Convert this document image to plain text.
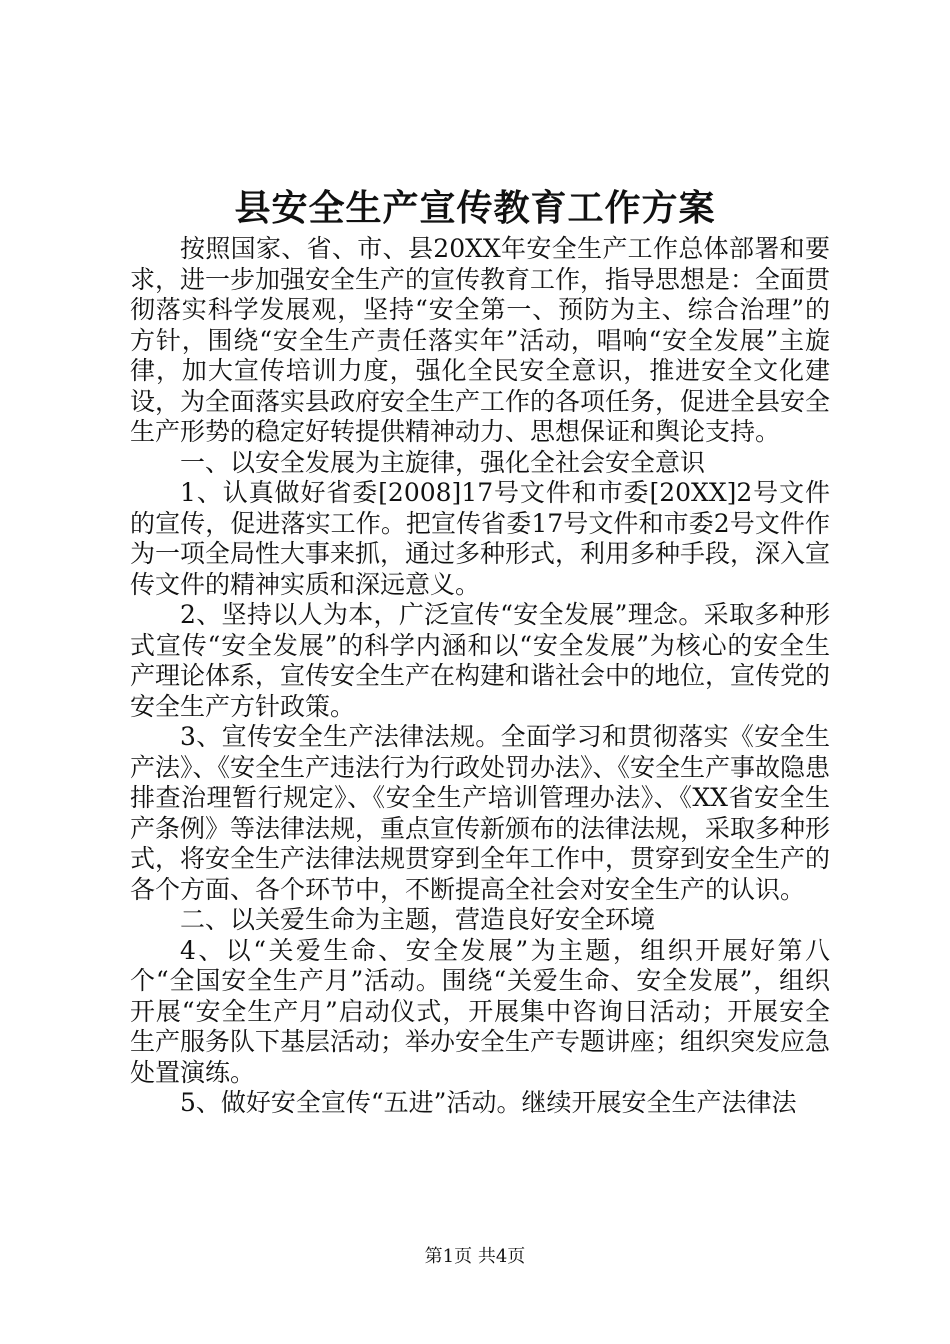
县安全生产宣传教育工作方案

按照国家、省、市、县20XX年安全生产工作总体部署和要求，进一步加强安全生产的宣传教育工作，指导思想是：全面贯彻落实科学发展观，坚持“安全第一、预防为主、综合治理”的方针，围绕“安全生产责任落实年”活动，唱响“安全发展”主旋律，加大宣传培训力度，强化全民安全意识，推进安全文化建设，为全面落实县政府安全生产工作的各项任务，促进全县安全生产形势的稳定好转提供精神动力、思想保证和舆论支持。

一、以安全发展为主旋律，强化全社会安全意识

1、认真做好省委[2008]17号文件和市委[20XX]2号文件的宣传，促进落实工作。把宣传省委17号文件和市委2号文件作为一项全局性大事来抓，通过多种形式，利用多种手段，深入宣传文件的精神实质和深远意义。

2、坚持以人为本，广泛宣传“安全发展”理念。采取多种形式宣传“安全发展”的科学内涵和以“安全发展”为核心的安全生产理论体系，宣传安全生产在构建和谐社会中的地位，宣传党的安全生产方针政策。

3、宣传安全生产法律法规。全面学习和贯彻落实《安全生产法》、《安全生产违法行为行政处罚办法》、《安全生产事故隐患排查治理暂行规定》、《安全生产培训管理办法》、《XX省安全生产条例》等法律法规，重点宣传新颁布的法律法规，采取多种形式，将安全生产法律法规贯穿到全年工作中，贯穿到安全生产的各个方面、各个环节中，不断提高全社会对安全生产的认识。

二、以关爱生命为主题，营造良好安全环境

4、以“关爱生命、安全发展”为主题，组织开展好第八个“全国安全生产月”活动。围绕“关爱生命、安全发展”，组织开展“安全生产月”启动仪式，开展集中咨询日活动；开展安全生产服务队下基层活动；举办安全生产专题讲座；组织突发应急处置演练。

5、做好安全宣传“五进”活动。继续开展安全生产法律法

第1页 共4页
